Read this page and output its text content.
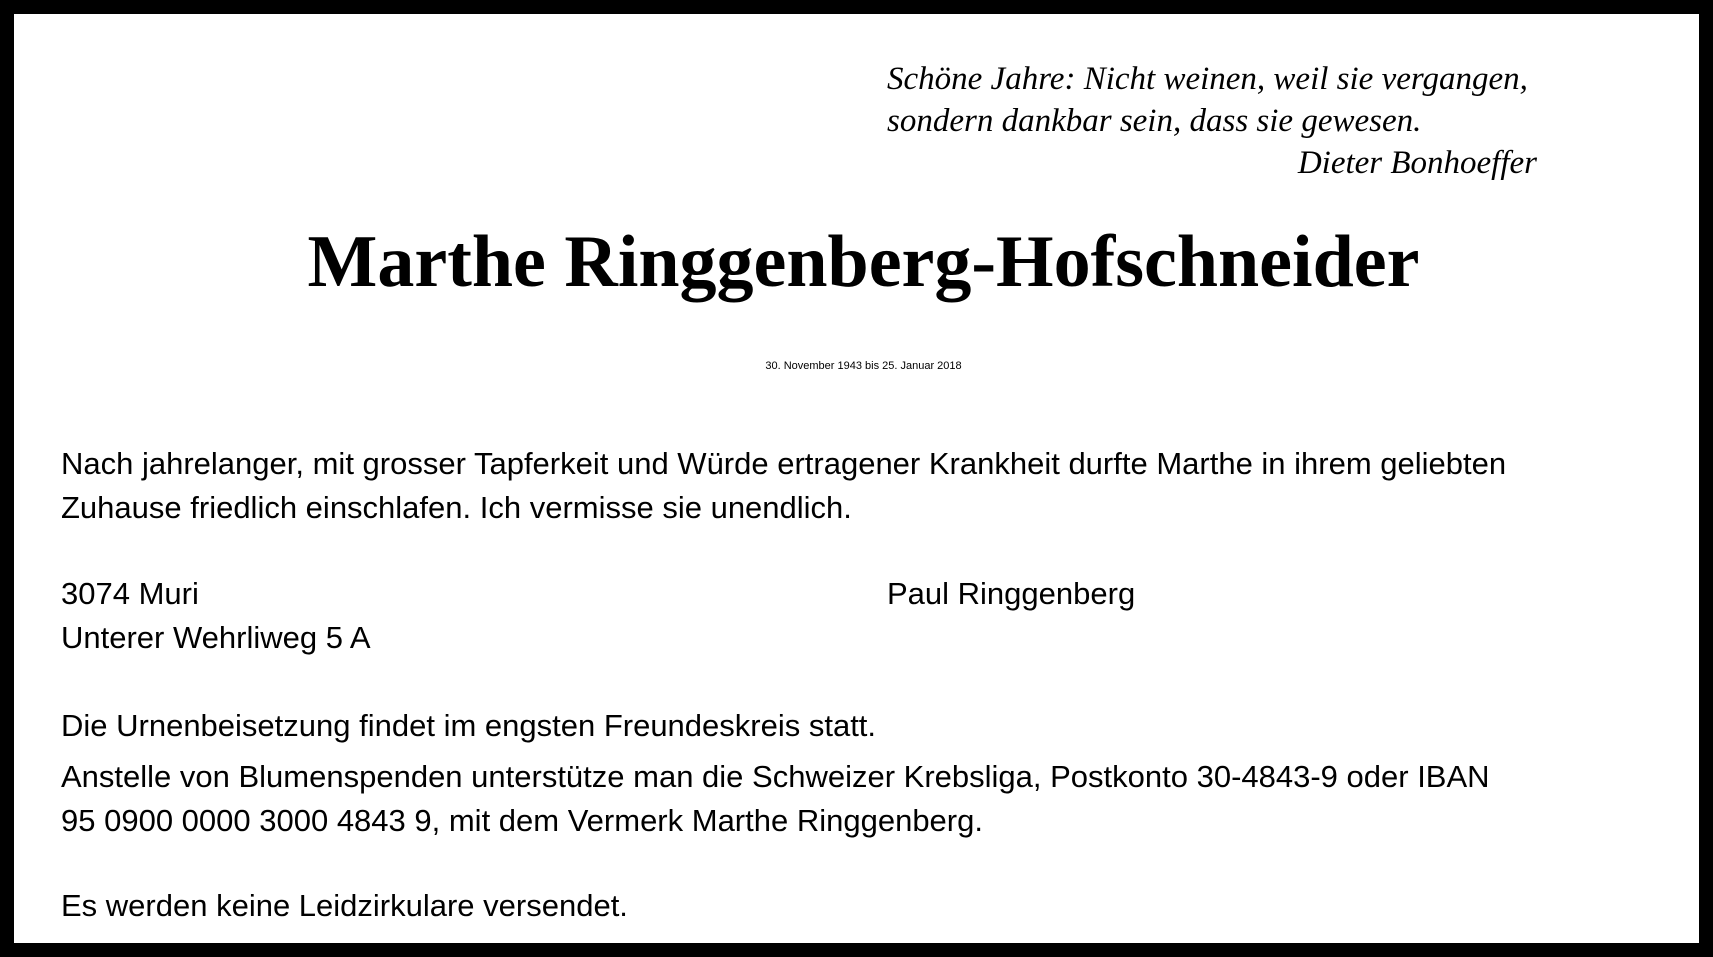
Schöne Jahre: Nicht weinen, weil sie vergangen,

sondern dankbar sein, dass sie gewesen.

Dieter Bonhoeffer

Marthe Ringgenberg-Hofschneider

30. November 1943 bis 25. Januar 2018

Nach jahrelanger, mit grosser Tapferkeit und Würde ertragener Krankheit durfte Marthe in ihrem geliebten

Zuhause friedlich einschlafen. Ich vermisse sie unendlich.

3074 Muri

Unterer Wehrliweg 5 A

Paul Ringgenberg

Die Urnenbeisetzung findet im engsten Freundeskreis statt.

Anstelle von Blumenspenden unterstütze man die Schweizer Krebsliga, Postkonto 30-4843-9 oder IBAN

95 0900 0000 3000 4843 9, mit dem Vermerk Marthe Ringgenberg.

Es werden keine Leidzirkulare versendet.
